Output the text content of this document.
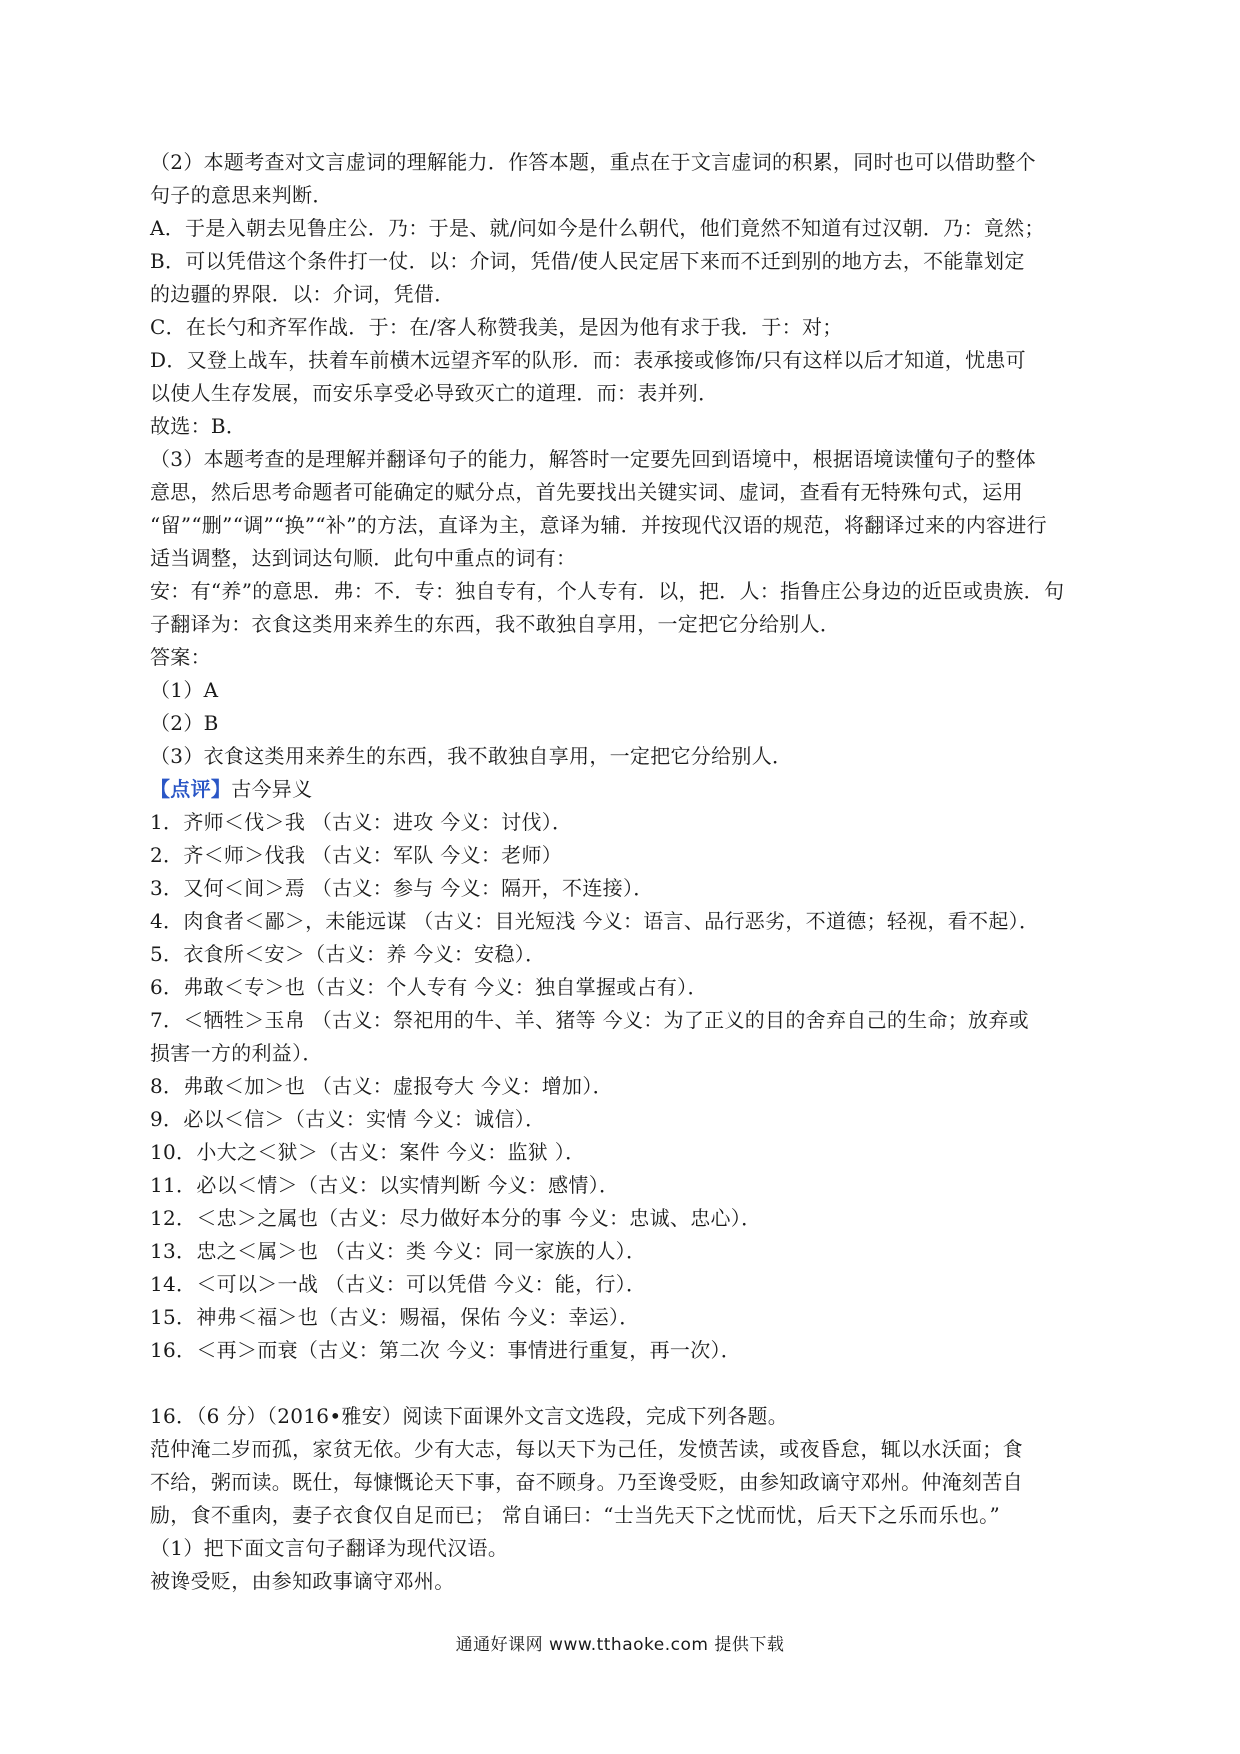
（2）本题考查对文言虚词的理解能力．作答本题，重点在于文言虚词的积累，同时也可以借助整个
句子的意思来判断．
A．于是入朝去见鲁庄公．乃：于是、就/问如今是什么朝代，他们竟然不知道有过汉朝．乃：竟然；
B．可以凭借这个条件打一仗．以：介词，凭借/使人民定居下来而不迁到别的地方去，不能靠划定
的边疆的界限．以：介词，凭借．
C．在长勺和齐军作战．于：在/客人称赞我美，是因为他有求于我．于：对；
D．又登上战车，扶着车前横木远望齐军的队形．而：表承接或修饰/只有这样以后才知道，忧患可
以使人生存发展，而安乐享受必导致灭亡的道理．而：表并列．
故选：B．
（3）本题考查的是理解并翻译句子的能力，解答时一定要先回到语境中，根据语境读懂句子的整体
意思，然后思考命题者可能确定的赋分点，首先要找出关键实词、虚词，查看有无特殊句式，运用
“留”“删”“调”“换”“补”的方法，直译为主，意译为辅．并按现代汉语的规范，将翻译过来的内容进行
适当调整，达到词达句顺．此句中重点的词有：
安：有“养”的意思．弗：不．专：独自专有，个人专有．以，把．人：指鲁庄公身边的近臣或贵族．句
子翻译为：衣食这类用来养生的东西，我不敢独自享用，一定把它分给别人．
答案：
（1）A
（2）B
（3）衣食这类用来养生的东西，我不敢独自享用，一定把它分给别人．
【点评】古今异义
1．齐师＜伐＞我 （古义：进攻 今义：讨伐）．
2．齐＜师＞伐我 （古义：军队 今义：老师）
3．又何＜间＞焉 （古义：参与 今义：隔开，不连接）．
4．肉食者＜鄙＞，未能远谋 （古义：目光短浅 今义：语言、品行恶劣，不道德；轻视，看不起）．
5．衣食所＜安＞（古义：养 今义：安稳）．
6．弗敢＜专＞也（古义：个人专有 今义：独自掌握或占有）．
7．＜牺牲＞玉帛 （古义：祭祀用的牛、羊、猪等 今义：为了正义的目的舍弃自己的生命；放弃或
损害一方的利益）．
8．弗敢＜加＞也 （古义：虚报夸大 今义：增加）．
9．必以＜信＞（古义：实情 今义：诚信）．
10．小大之＜狱＞（古义：案件 今义：监狱 ）．
11．必以＜情＞（古义：以实情判断 今义：感情）．
12．＜忠＞之属也（古义：尽力做好本分的事 今义：忠诚、忠心）．
13．忠之＜属＞也 （古义：类 今义：同一家族的人）．
14．＜可以＞一战 （古义：可以凭借 今义：能，行）．
15．神弗＜福＞也（古义：赐福，保佑 今义：幸运）．
16．＜再＞而衰（古义：第二次 今义：事情进行重复，再一次）．
16．（6 分）（2016•雅安）阅读下面课外文言文选段，完成下列各题。
范仲淹二岁而孤，家贫无依。少有大志，每以天下为己任，发愤苦读，或夜昏怠，辄以水沃面；食
不给，粥而读。既仕，每慷慨论天下事，奋不顾身。乃至谗受贬，由参知政谪守邓州。仲淹刻苦自
励，食不重肉，妻子衣食仅自足而已； 常自诵曰：“士当先天下之忧而忧，后天下之乐而乐也。”
（1）把下面文言句子翻译为现代汉语。
被谗受贬，由参知政事谪守邓州。
通通好课网 www.tthaoke.com 提供下载
